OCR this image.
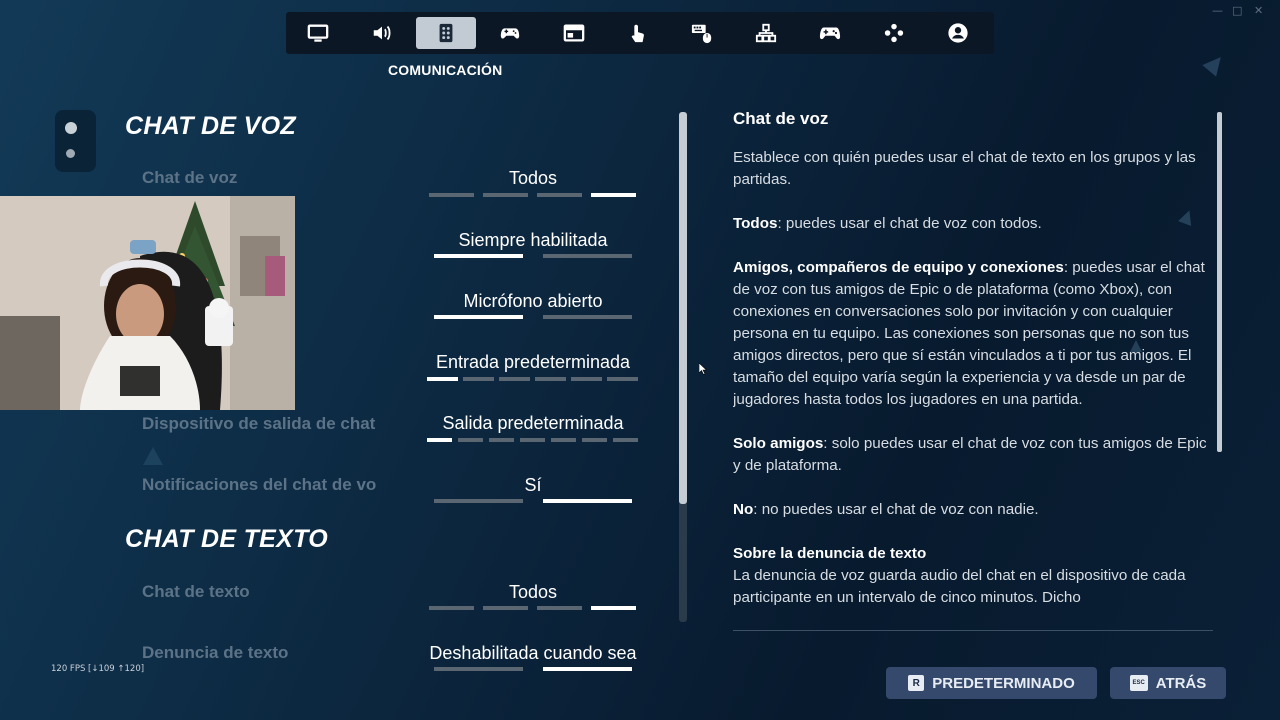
— □ ✕
COMUNICACIÓN
CHAT DE VOZ
Chat de voz	Todos
Siempre habilitada
Micrófono abierto
Entrada predeterminada
Dispositivo de salida de chat	Salida predeterminada
Notificaciones del chat de vo	Sí
CHAT DE TEXTO
Chat de texto	Todos
Denuncia de texto	Deshabilitada cuando sea
Chat de voz

Establece con quién puedes usar el chat de texto en los grupos y las partidas.

Todos: puedes usar el chat de voz con todos.

Amigos, compañeros de equipo y conexiones: puedes usar el chat de voz con tus amigos de Epic o de plataforma (como Xbox), con conexiones en conversaciones solo por invitación y con cualquier persona en tu equipo. Las conexiones son personas que no son tus amigos directos, pero que sí están vinculados a ti por tus amigos. El tamaño del equipo varía según la experiencia y va desde un par de jugadores hasta todos los jugadores en una partida.

Solo amigos: solo puedes usar el chat de voz con tus amigos de Epic y de plataforma.

No: no puedes usar el chat de voz con nadie.

Sobre la denuncia de texto

La denuncia de voz guarda audio del chat en el dispositivo de cada participante en un intervalo de cinco minutos. Dicho

120 FPS [↓109 ↑120]
R PREDETERMINADO	ESC ATRÁS
